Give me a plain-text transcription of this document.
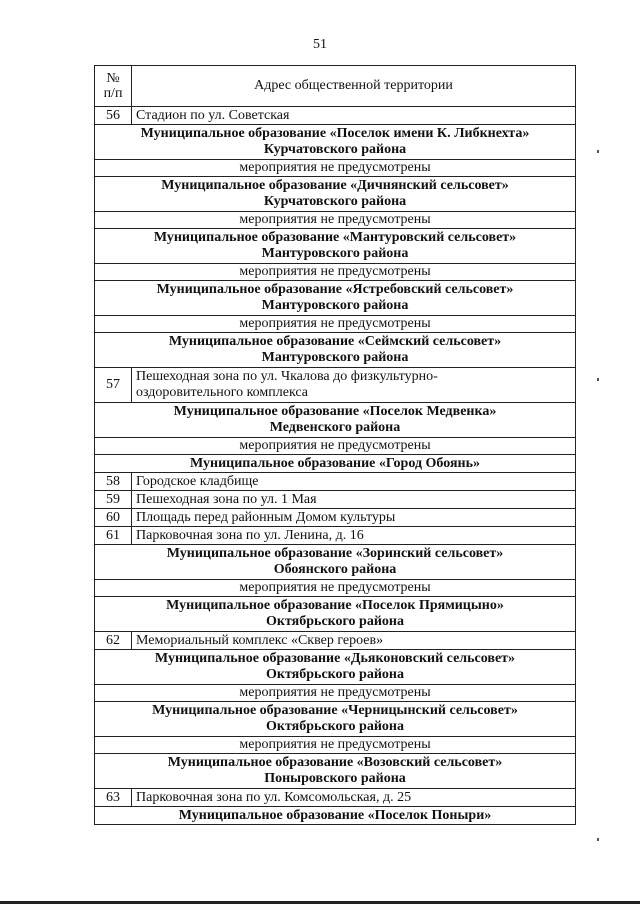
51
№
п/п	Адрес общественной территории
56	Стадион по ул. Советская
Муниципальное образование «Поселок имени К. Либкнехта»
Курчатовского района	
мероприятия не предусмотрены	
Муниципальное образование «Дичнянский сельсовет»
Курчатовского района	
мероприятия не предусмотрены	
Муниципальное образование «Мантуровский сельсовет»
Мантуровского района	
мероприятия не предусмотрены	
Муниципальное образование «Ястребовский сельсовет»
Мантуровского района	
мероприятия не предусмотрены	
Муниципальное образование «Сеймский сельсовет»
Мантуровского района	
57	Пешеходная зона по ул. Чкалова до физкультурно-
оздоровительного комплекса
Муниципальное образование «Поселок Медвенка»
Медвенского района	
мероприятия не предусмотрены	
Муниципальное образование «Город Обоянь»	
58	Городское кладбище
59	Пешеходная зона по ул. 1 Мая
60	Площадь перед районным Домом культуры
61	Парковочная зона по ул. Ленина, д. 16
Муниципальное образование «Зоринский сельсовет»
Обоянского района	
мероприятия не предусмотрены	
Муниципальное образование «Поселок Прямицыно»
Октябрьского района	
62	Мемориальный комплекс «Сквер героев»
Муниципальное образование «Дьяконовский сельсовет»
Октябрьского района	
мероприятия не предусмотрены	
Муниципальное образование «Черницынский сельсовет»
Октябрьского района	
мероприятия не предусмотрены	
Муниципальное образование «Возовский сельсовет»
Поныровского района	
63	Парковочная зона по ул. Комсомольская, д. 25
Муниципальное образование «Поселок Поныри»	
